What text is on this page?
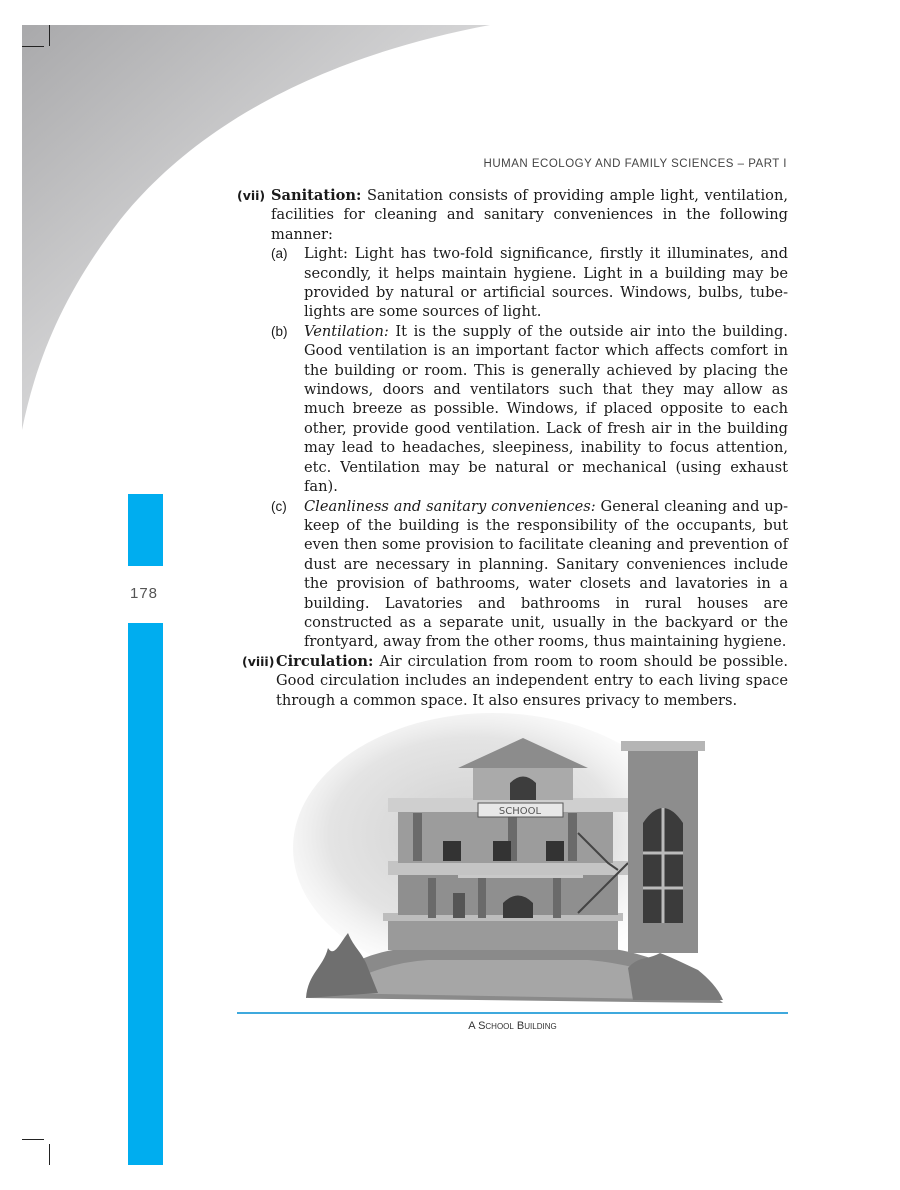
HUMAN ECOLOGY AND FAMILY SCIENCES – PART I
178
(vii) Sanitation: Sanitation consists of providing ample light, ventilation, facilities for cleaning and sanitary conveniences in the following manner:
(a) Light: Light has two-fold significance, firstly it illuminates, and secondly, it helps maintain hygiene. Light in a building may be provided by natural or artificial sources. Windows, bulbs, tube-lights are some sources of light.
(b) Ventilation: It is the supply of the outside air into the building. Good ventilation is an important factor which affects comfort in the building or room. This is generally achieved by placing the windows, doors and ventilators such that they may allow as much breeze as possible. Windows, if placed opposite to each other, provide good ventilation. Lack of fresh air in the building may lead to headaches, sleepiness, inability to focus attention, etc. Ventilation may be natural or mechanical (using exhaust fan).
(c) Cleanliness and sanitary conveniences: General cleaning and up-keep of the building is the responsibility of the occupants, but even then some provision to facilitate cleaning and prevention of dust are necessary in planning. Sanitary conveniences include the provision of bathrooms, water closets and lavatories in a building. Lavatories and bathrooms in rural houses are constructed as a separate unit, usually in the backyard or the frontyard, away from the other rooms, thus maintaining hygiene.
(viii) Circulation: Air circulation from room to room should be possible. Good circulation includes an independent entry to each living space through a common space. It also ensures privacy to members.
SCHOOL
A School Building
